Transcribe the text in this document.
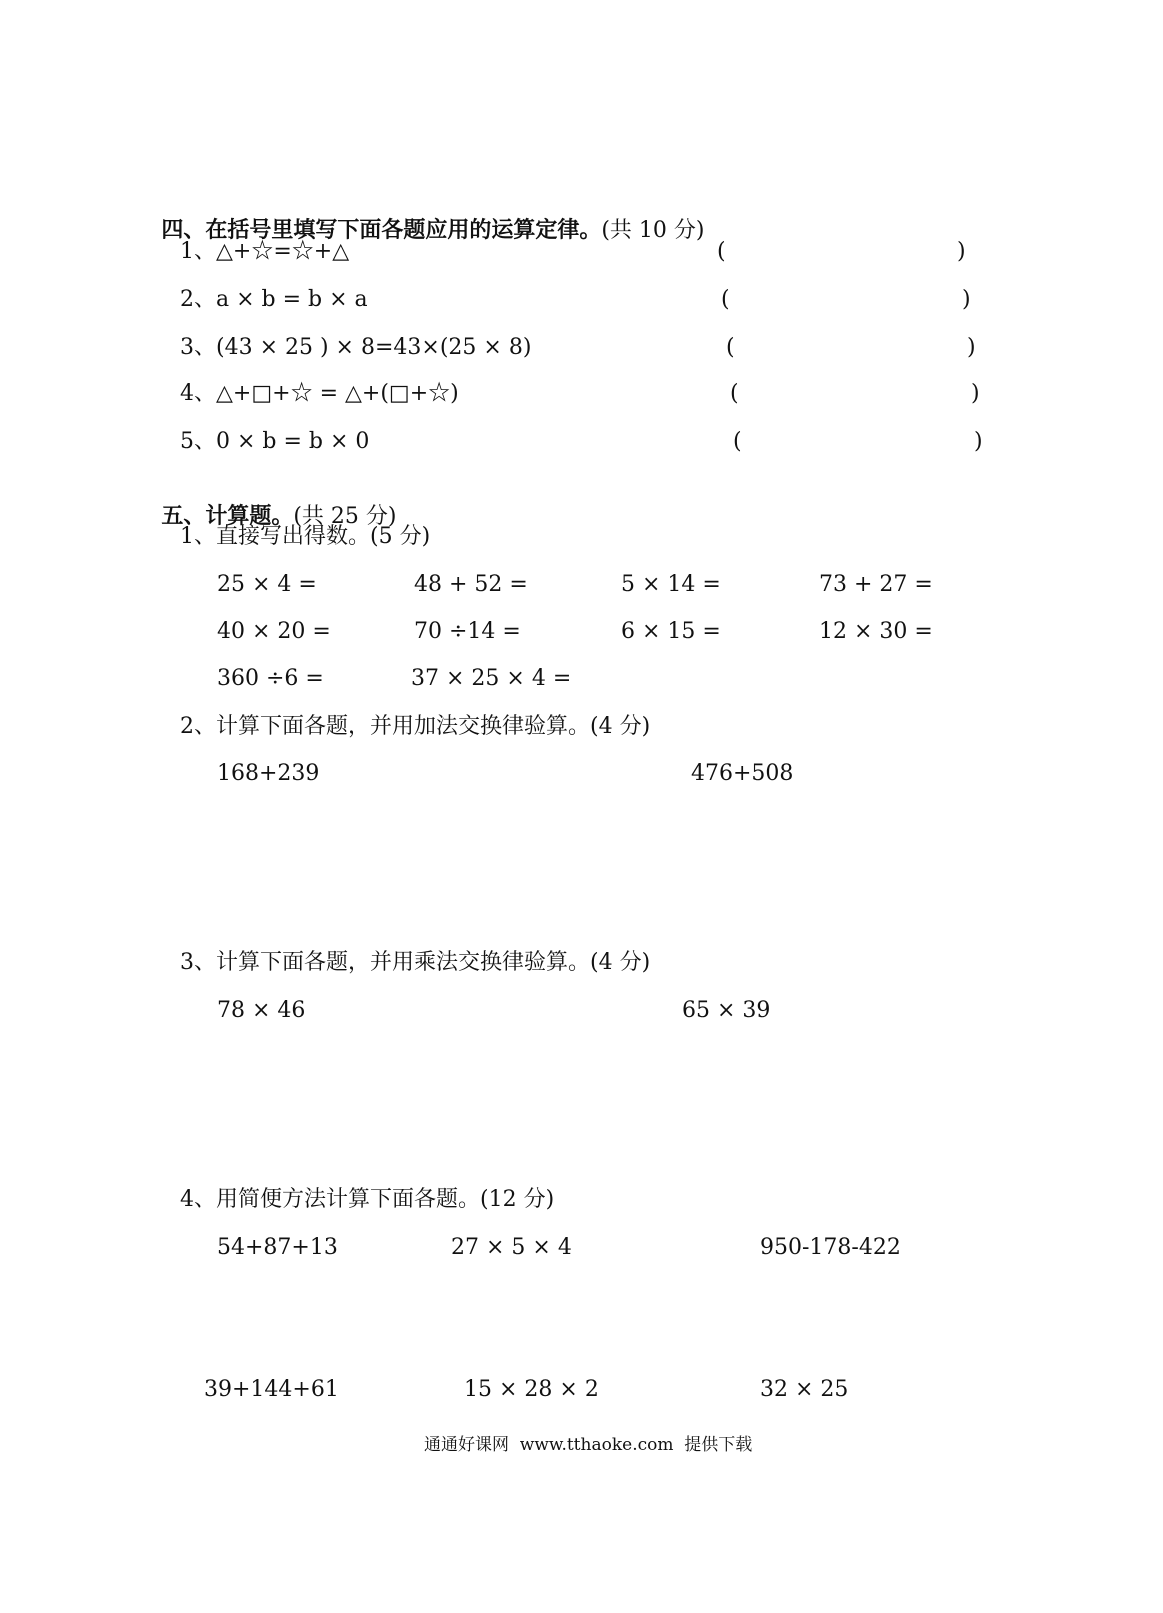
四、在括号里填写下面各题应用的运算定律。(共 10 分)

1、△+☆=☆+△	(	)
2、a × b = b × a	(	)
3、(43 × 25 ) × 8=43×(25 × 8)	(	)
4、△+□+☆ = △+(□+☆)	(	)
5、0 × b = b × 0	(	)

五、计算题。(共 25 分)

1、直接写出得数。(5 分)
25 × 4 =	48 + 52 =	5 × 14 =	73 + 27 =
40 × 20 =	70 ÷14 =	6 × 15 =	12 × 30 =
360 ÷6 =	37 × 25 × 4 =
2、计算下面各题，并用加法交换律验算。(4 分)
168+239	476+508
3、计算下面各题，并用乘法交换律验算。(4 分)
78 × 46	65 × 39
4、用简便方法计算下面各题。(12 分)
54+87+13	27 × 5 × 4	950-178-422
39+144+61	15 × 28 × 2	32 × 25
通通好课网  www.tthaoke.com  提供下载
